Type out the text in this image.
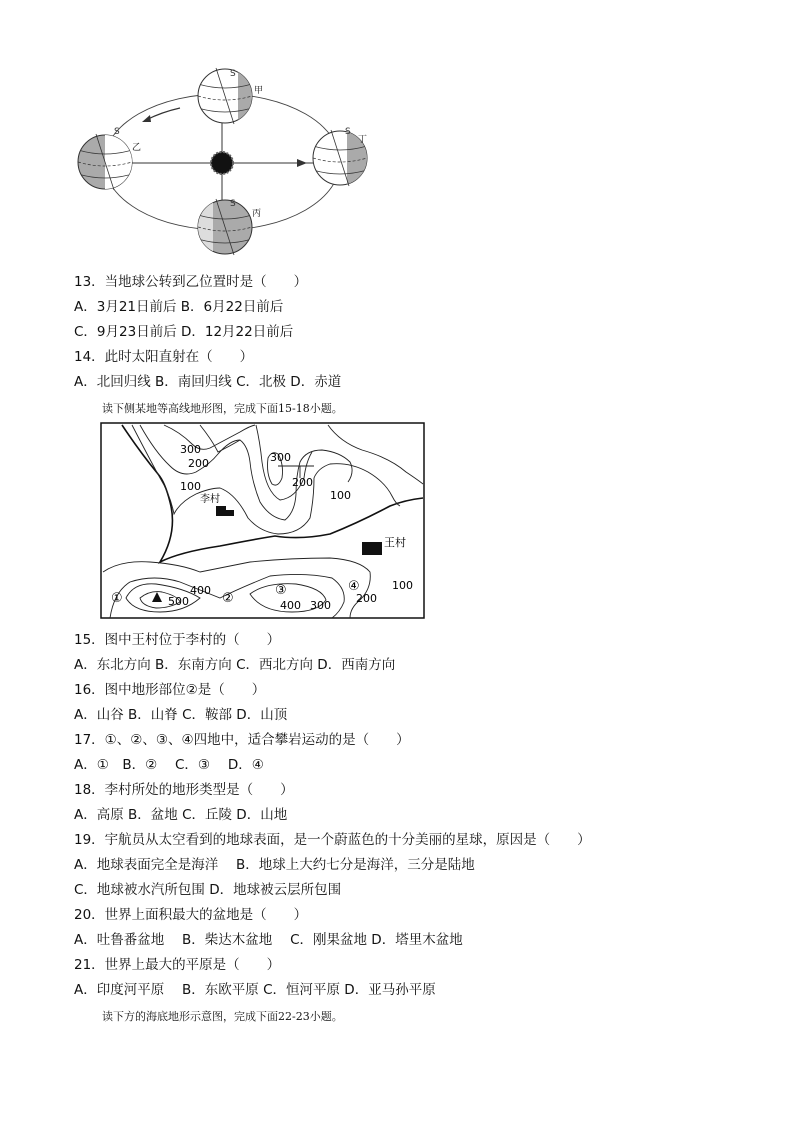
S
甲
S
乙
S
丙
S
丁
13．当地球公转到乙位置时是（　　）
A．3月21日前后 B．6月22日前后
C．9月23日前后 D．12月22日前后
14．此时太阳直射在（　　）
A．北回归线 B．南回归线 C．北极 D．赤道
读下侧某地等高线地形图，完成下面15-18小题。
李村
王村
300
200
100
300
200
100
①	500
400
②
③
400 300
④
200
100
15．图中王村位于李村的（　　）
A．东北方向 B．东南方向 C．西北方向 D．西南方向
16．图中地形部位②是（　　）
A．山谷 B．山脊 C．鞍部 D．山顶
17．①、②、③、④四地中，适合攀岩运动的是（　　）
A．①　B．②　 C．③　 D．④
18．李村所处的地形类型是（　　）
A．高原 B．盆地 C．丘陵 D．山地
19．宇航员从太空看到的地球表面，是一个蔚蓝色的十分美丽的星球，原因是（　　）
A．地球表面完全是海洋　 B．地球上大约七分是海洋，三分是陆地
C．地球被水汽所包围 D．地球被云层所包围
20．世界上面积最大的盆地是（　　）
A．吐鲁番盆地　 B．柴达木盆地　 C．刚果盆地 D．塔里木盆地
21．世界上最大的平原是（　　）
A．印度河平原　 B．东欧平原 C．恒河平原 D．亚马孙平原
读下方的海底地形示意图，完成下面22-23小题。
